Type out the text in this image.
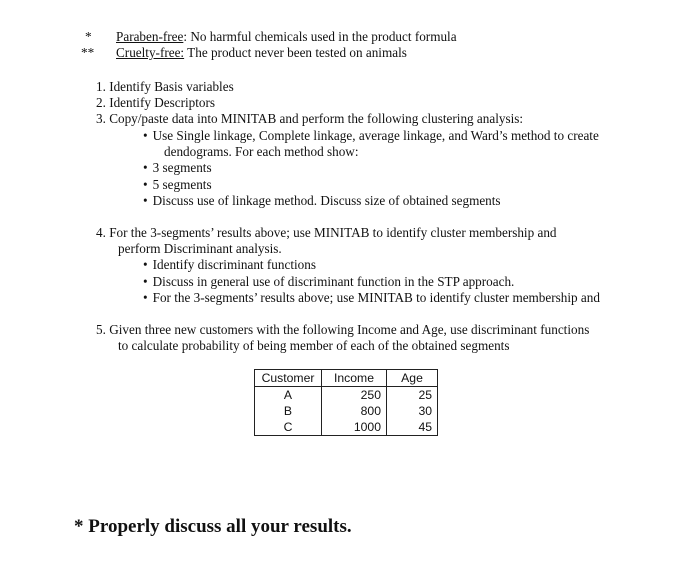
* Paraben-free: No harmful chemicals used in the product formula
** Cruelty-free: The product never been tested on animals
1. Identify Basis variables
2. Identify Descriptors
3. Copy/paste data into MINITAB and perform the following clustering analysis:
• Use Single linkage, Complete linkage, average linkage, and Ward’s method to create
dendograms. For each method show:
• 3 segments
• 5 segments
• Discuss use of linkage method. Discuss size of obtained segments
4. For the 3-segments’ results above; use MINITAB to identify cluster membership and
perform Discriminant analysis.
• Identify discriminant functions
• Discuss in general use of discriminant function in the STP approach.
• For the 3-segments’ results above; use MINITAB to identify cluster membership and
5. Given three new customers with the following Income and Age, use discriminant functions
to calculate probability of being member of each of the obtained segments
Customer	Income	Age
A	250	25
B	800	30
C	1000	45
* Properly discuss all your results.
